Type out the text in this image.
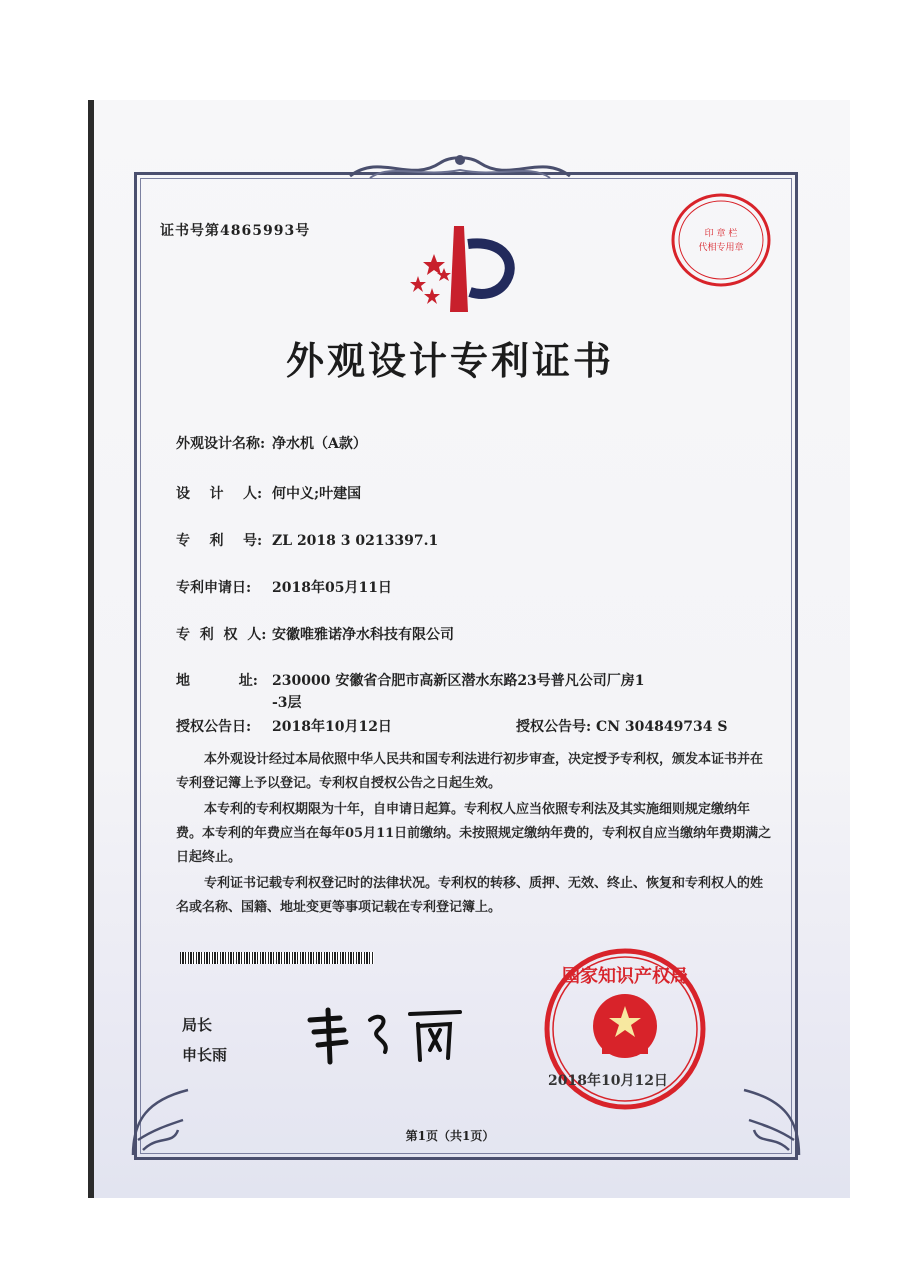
证书号第4865993号	印 章 栏
代相专用章
外观设计专利证书
外观设计名称: 净水机（A款）
设    计    人: 何中义;叶建国
专    利    号: ZL 2018 3 0213397.1
专利申请日: 2018年05月11日
专  利  权  人: 安徽唯雅诺净水科技有限公司
地          址: 230000 安徽省合肥市高新区潜水东路23号普凡公司厂房1
-3层
授权公告日: 2018年10月12日	授权公告号: CN 304849734 S

本外观设计经过本局依照中华人民共和国专利法进行初步审查，决定授予专利权，颁发本证书并在专利登记簿上予以登记。专利权自授权公告之日起生效。

本专利的专利权期限为十年，自申请日起算。专利权人应当依照专利法及其实施细则规定缴纳年费。本专利的年费应当在每年05月11日前缴纳。未按照规定缴纳年费的，专利权自应当缴纳年费期满之日起终止。

专利证书记载专利权登记时的法律状况。专利权的转移、质押、无效、终止、恢复和专利权人的姓名或名称、国籍、地址变更等事项记载在专利登记簿上。

局长
申长雨
国家知识产权局
2018年10月12日
第1页（共1页）
